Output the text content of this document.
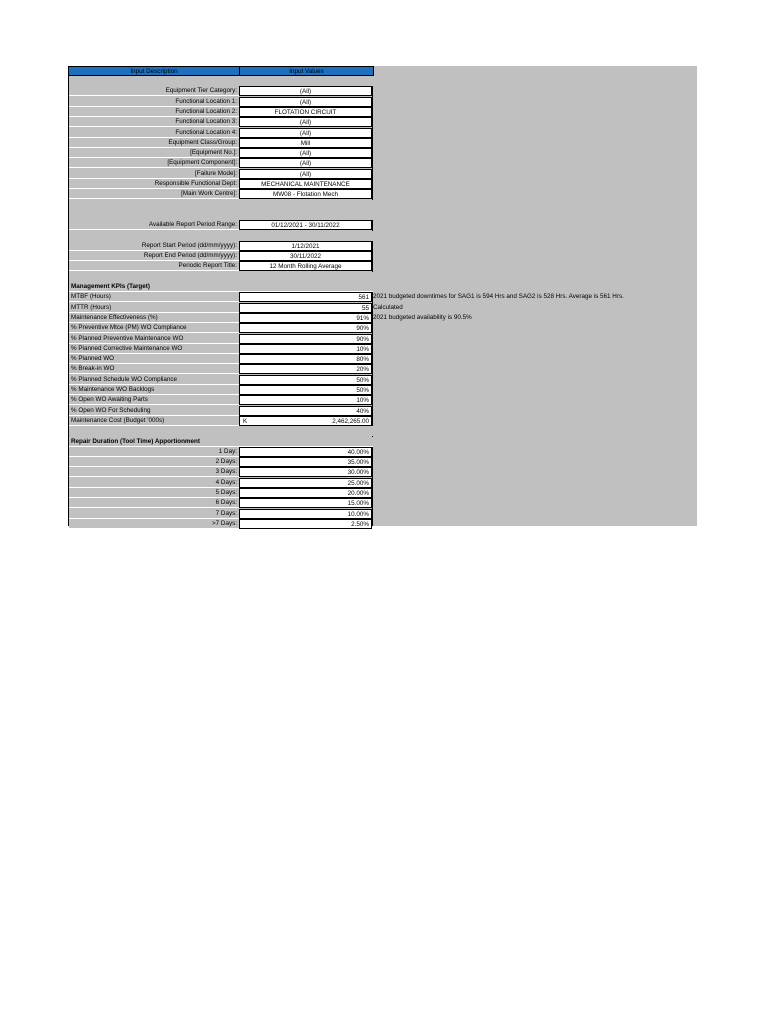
Input Description	Input Values
Equipment Tier Category:	(All)
Functional Location 1:	(All)
Functional Location 2:	FLOTATION CIRCUIT
Functional Location 3:	(All)
Functional Location 4:	(All)
Equipment Class/Group:	Mill
[Equipment No.]:	(All)
[Equipment Component]:	(All)
[Failure Mode]:	(All)
Responsible Functional Dept:	MECHANICAL MAINTENANCE
[Main Work Centre]:	MW08 - Flotation Mech
Available Report Period Range:	01/12/2021 - 30/11/2022
Report Start Period (dd/mm/yyyy):	1/12/2021
Report End Period (dd/mm/yyyy):	30/11/2022
Periodic Report Title:	12 Month Rolling Average
Management KPIs (Target)
MTBF (Hours)	561 2021 budgeted downtimes for SAG1 is 594 Hrs and SAG2 is 528 Hrs. Average is 561 Hrs.
MTTR (Hours)	55 Calculated
Maintenance Effectiveness (%)	91% 2021 budgeted availability is 90.5%
% Preventive Mtce (PM) WO Compliance	90%
% Planned Preventive Maintenance WO	90%
% Planned Corrective Maintenance WO	10%
% Planned WO	80%
% Break-in WO	20%
% Planned Schedule WO Compliance	50%
% Maintenance WO Backlogs	50%
% Open WO Awaiting Parts	10%
% Open WO For Scheduling	40%
Maintenance Cost (Budget '000s)	K	2,462,265.00
Repair Duration (Tool Time) Apportionment
1 Day:	40.00%
2 Days:	35.00%
3 Days:	30.00%
4 Days:	25.00%
5 Days:	20.00%
6 Days:	15.00%
7 Days:	10.00%
>7 Days:	2.50%
